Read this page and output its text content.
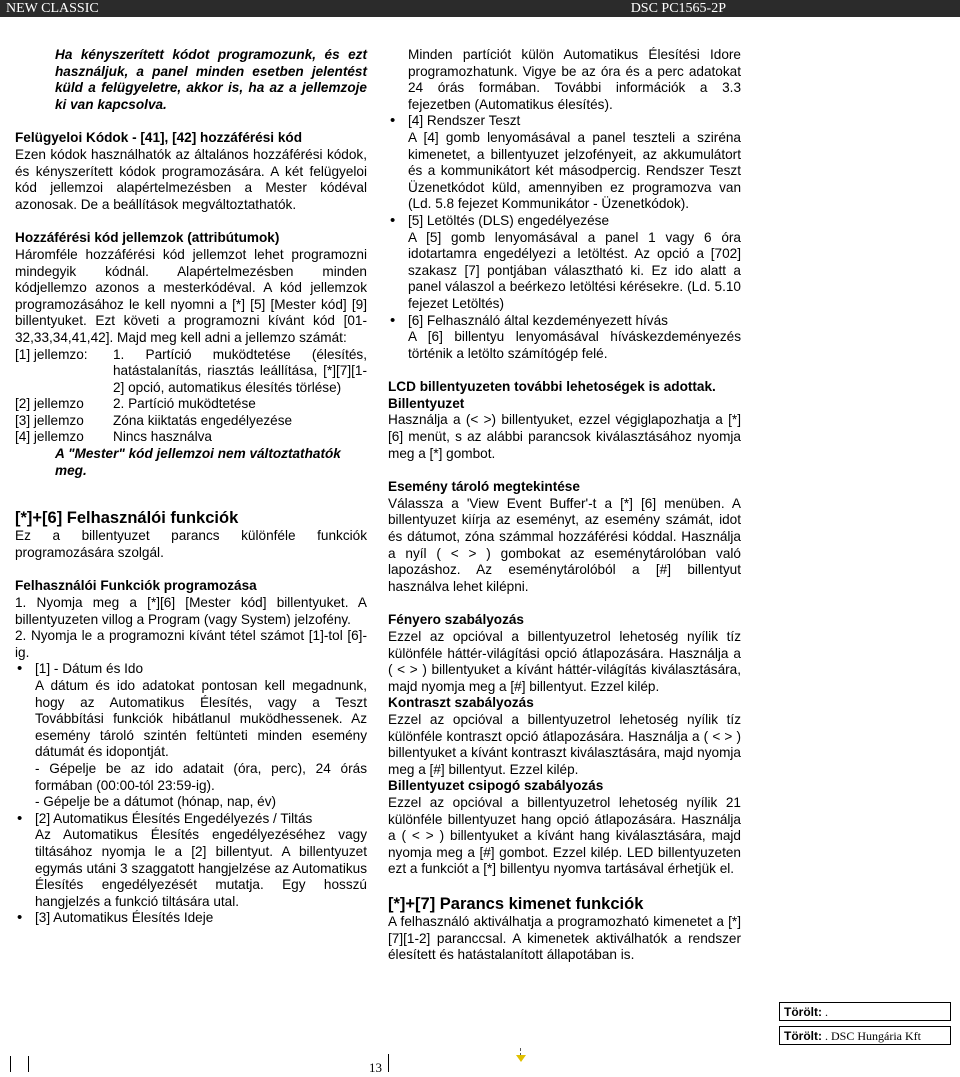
NEW CLASSIC	DSC PC1565-2P

Ha kényszerített kódot programozunk, és ezt használjuk, a panel minden esetben jelentést küld a felügyeletre, akkor is, ha az a jellemzoje ki van kapcsolva.

Felügyeloi Kódok - [41], [42] hozzáférési kód

Ezen kódok használhatók az általános hozzáférési kódok, és kényszerített kódok programozására. A két felügyeloi kód jellemzoi alapértelmezésben a Mester kódéval azonosak. De a beállítások megváltoztathatók.

Hozzáférési kód jellemzok (attribútumok)

Háromféle hozzáférési kód jellemzot lehet programozni mindegyik kódnál. Alapértelmezésben minden kódjellemzo azonos a mesterkódéval. A kód jellemzok programozásához le kell nyomni a [*] [5] [Mester kód] [9] billentyuket. Ezt követi a programozni kívánt kód [01-32,33,34,41,42]. Majd meg kell adni a jellemzo számát:

[1] jellemzo:	1. Partíció muködtetése (élesítés, hatástalanítás, riasztás leállítása, [*][7][1-2] opció, automatikus élesítés törlése)
[2] jellemzo	2. Partíció muködtetése
[3] jellemzo	Zóna kiiktatás engedélyezése
[4] jellemzo	Nincs használva

A "Mester" kód jellemzoi nem változtathatók meg.

[*]+[6] Felhasználói funkciók

Ez a billentyuzet parancs különféle funkciók programozására szolgál.

Felhasználói Funkciók programozása

1. Nyomja meg a [*][6] [Mester kód] billentyuket. A billentyuzeten villog a Program (vagy System) jelzofény.
2. Nyomja le a programozni kívánt tétel számot [1]-tol [6]-ig.

• [1] - Dátum és Ido
A dátum és ido adatokat pontosan kell megadnunk, hogy az Automatikus Élesítés, vagy a Teszt Továbbítási funkciók hibátlanul muködhessenek. Az esemény tároló szintén feltünteti minden esemény dátumát és idopontját.
- Gépelje be az ido adatait (óra, perc), 24 órás formában (00:00-tól 23:59-ig).
- Gépelje be a dátumot (hónap, nap, év)

• [2] Automatikus Élesítés Engedélyezés / Tiltás
Az Automatikus Élesítés engedélyezéséhez vagy tiltásához nyomja le a [2] billentyut. A billentyuzet egymás utáni 3 szaggatott hangjelzése az Automatikus Élesítés engedélyezését mutatja. Egy hosszú hangjelzés a funkció tiltására utal.

• [3] Automatikus Élesítés Ideje

Minden partíciót külön Automatikus Élesítési Idore programozhatunk. Vigye be az óra és a perc adatokat 24 órás formában. További információk a 3.3 fejezetben (Automatikus élesítés).

• [4] Rendszer Teszt
A [4] gomb lenyomásával a panel teszteli a sziréna kimenetet, a billentyuzet jelzofényeit, az akkumulátort és a kommunikátort két másodpercig. Rendszer Teszt Üzenetkódot küld, amennyiben ez programozva van (Ld. 5.8 fejezet Kommunikátor - Üzenetkódok).

• [5] Letöltés (DLS) engedélyezése
A [5] gomb lenyomásával a panel 1 vagy 6 óra idotartamra engedélyezi a letöltést. Az opció a [702] szakasz [7] pontjában választható ki. Ez ido alatt a panel válaszol a beérkezo letöltési kérésekre. (Ld. 5.10 fejezet Letöltés)

• [6] Felhasználó által kezdeményezett hívás
A [6] billentyu lenyomásával híváskezdeményezés történik a letölto számítógép felé.

LCD billentyuzeten további lehetoségek is adottak.

Billentyuzet

Használja a (< >) billentyuket, ezzel végiglapozhatja a [*][6] menüt, s az alábbi parancsok kiválasztásához nyomja meg a [*] gombot.

Esemény tároló megtekintése

Válassza a 'View Event Buffer'-t a [*] [6] menüben. A billentyuzet kiírja az eseményt, az esemény számát, idot és dátumot, zóna számmal hozzáférési kóddal. Használja a nyíl ( < > ) gombokat az eseménytárolóban való lapozáshoz. Az eseménytárolóból a [#] billentyut használva lehet kilépni.

Fényero szabályozás

Ezzel az opcióval a billentyuzetrol lehetoség nyílik tíz különféle háttér-világítási opció átlapozására. Használja a ( < > ) billentyuket a kívánt háttér-világítás kiválasztására, majd nyomja meg a [#] billentyut. Ezzel kilép.

Kontraszt szabályozás

Ezzel az opcióval a billentyuzetrol lehetoség nyílik tíz különféle kontraszt opció átlapozására. Használja a ( < > ) billentyuket a kívánt kontraszt kiválasztására, majd nyomja meg a [#] billentyut. Ezzel kilép.

Billentyuzet csipogó szabályozás

Ezzel az opcióval a billentyuzetrol lehetoség nyílik 21 különféle billentyuzet hang opció átlapozására. Használja a ( < > ) billentyuket a kívánt hang kiválasztására, majd nyomja meg a [#] gombot. Ezzel kilép. LED billentyuzeten ezt a funkciót a [*] billentyu nyomva tartásával érhetjük el.

[*]+[7] Parancs kimenet funkciók

A felhasználó aktiválhatja a programozható kimenetet a [*][7][1-2] paranccsal. A kimenetek aktiválhatók a rendszer élesített és hatástalanított állapotában is.

Törölt: .
Törölt: . DSC Hungária Kft
13
